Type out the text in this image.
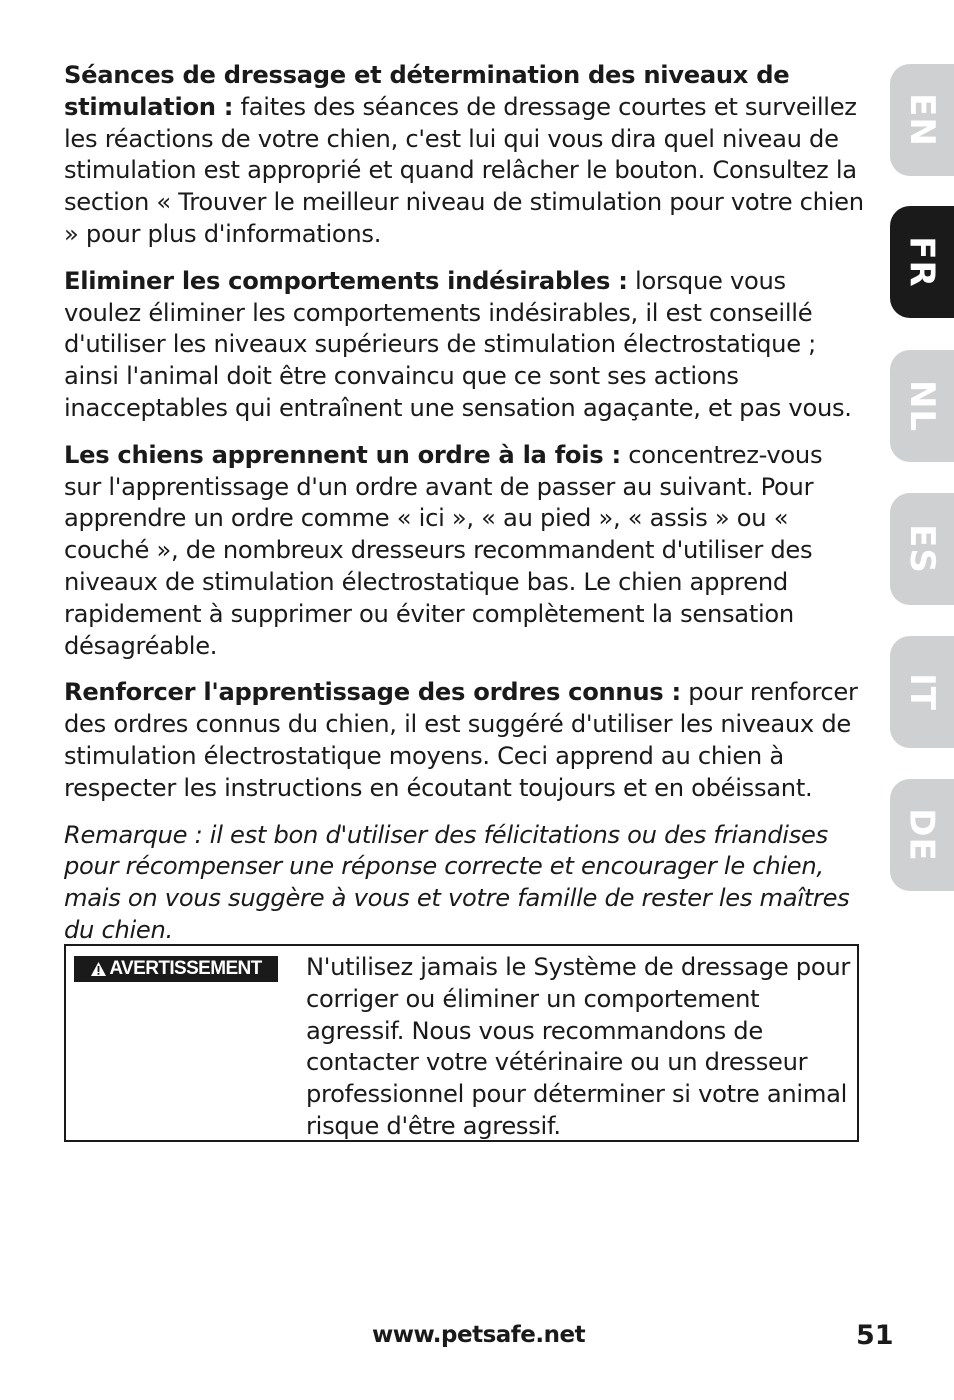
Séances de dressage et détermination des niveaux de stimulation : faites des séances de dressage courtes et surveillez les réactions de votre chien, c'est lui qui vous dira quel niveau de stimulation est approprié et quand relâcher le bouton. Consultez la section « Trouver le meilleur niveau de stimulation pour votre chien » pour plus d'informations.

Eliminer les comportements indésirables : lorsque vous voulez éliminer les comportements indésirables, il est conseillé d'utiliser les niveaux supérieurs de stimulation électrostatique ; ainsi l'animal doit être convaincu que ce sont ses actions inacceptables qui entraînent une sensation agaçante, et pas vous.

Les chiens apprennent un ordre à la fois : concentrez-vous sur l'apprentissage d'un ordre avant de passer au suivant. Pour apprendre un ordre comme « ici », « au pied », « assis » ou « couché », de nombreux dresseurs recommandent d'utiliser des niveaux de stimulation électrostatique bas. Le chien apprend rapidement à supprimer ou éviter complètement la sensation désagréable.

Renforcer l'apprentissage des ordres connus : pour renforcer des ordres connus du chien, il est suggéré d'utiliser les niveaux de stimulation électrostatique moyens. Ceci apprend au chien à respecter les instructions en écoutant toujours et en obéissant.

Remarque : il est bon d'utiliser des félicitations ou des friandises pour récompenser une réponse correcte et encourager le chien, mais on vous suggère à vous et votre famille de rester les maîtres du chien.

AVERTISSEMENT N'utilisez jamais le Système de dressage pour corriger ou éliminer un comportement agressif. Nous vous recommandons de contacter votre vétérinaire ou un dresseur professionnel pour déterminer si votre animal risque d'être agressif.

EN
FR
NL
ES
IT
DE
www.petsafe.net	51
